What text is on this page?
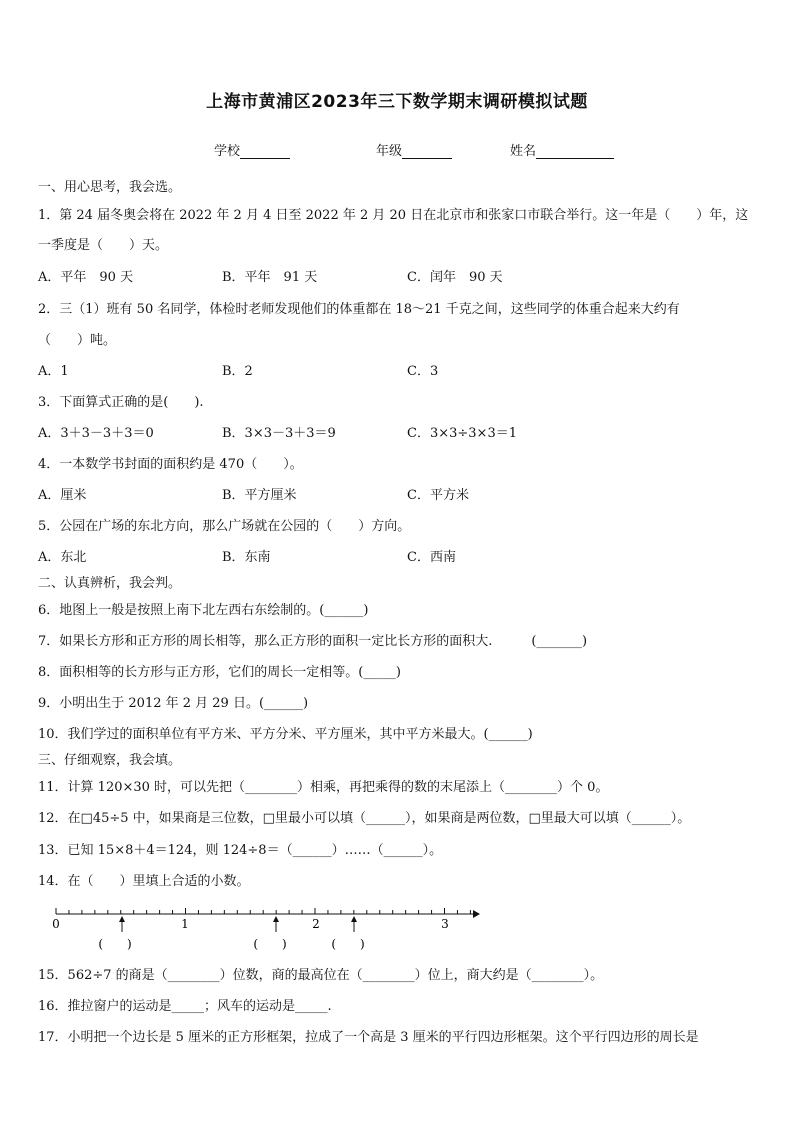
上海市黄浦区2023年三下数学期末调研模拟试题
学校	年级	姓名
一、用心思考，我会选。
1．第 24 届冬奥会将在 2022 年 2 月 4 日至 2022 年 2 月 20 日在北京市和张家口市联合举行。这一年是（　　）年，这
一季度是（　　）天。
A．平年　90 天	B．平年　91 天	C．闰年　90 天
2．三（1）班有 50 名同学，体检时老师发现他们的体重都在 18～21 千克之间，这些同学的体重合起来大约有
（　　）吨。
A．1	B．2	C．3
3．下面算式正确的是(　　).
A．3＋3－3＋3＝0	B．3×3－3＋3＝9	C．3×3÷3×3＝1
4．一本数学书封面的面积约是 470（　　）。
A．厘米	B．平方厘米	C．平方米
5．公园在广场的东北方向，那么广场就在公园的（　　）方向。
A．东北	B．东南	C．西南
二、认真辨析，我会判。
6．地图上一般是按照上南下北左西右东绘制的。(______)
7．如果长方形和正方形的周长相等，那么正方形的面积一定比长方形的面积大.　　　(_______)
8．面积相等的长方形与正方形，它们的周长一定相等。(_____)
9．小明出生于 2012 年 2 月 29 日。(______)
10．我们学过的面积单位有平方米、平方分米、平方厘米，其中平方米最大。(______)
三、仔细观察，我会填。
11．计算 120×30 时，可以先把（________）相乘，再把乘得的数的末尾添上（________）个 0。
12．在□45÷5 中，如果商是三位数，□里最小可以填（______），如果商是两位数，□里最大可以填（______）。
13．已知 15×8＋4＝124，则 124÷8＝（______）……（______）。
14．在（　　）里填上合适的小数。
0	1	2	3
(　　)	(　　)	(　　)
15．562÷7 的商是（________）位数，商的最高位在（________）位上，商大约是（________）。
16．推拉窗户的运动是_____；风车的运动是_____.
17．小明把一个边长是 5 厘米的正方形框架，拉成了一个高是 3 厘米的平行四边形框架。这个平行四边形的周长是
